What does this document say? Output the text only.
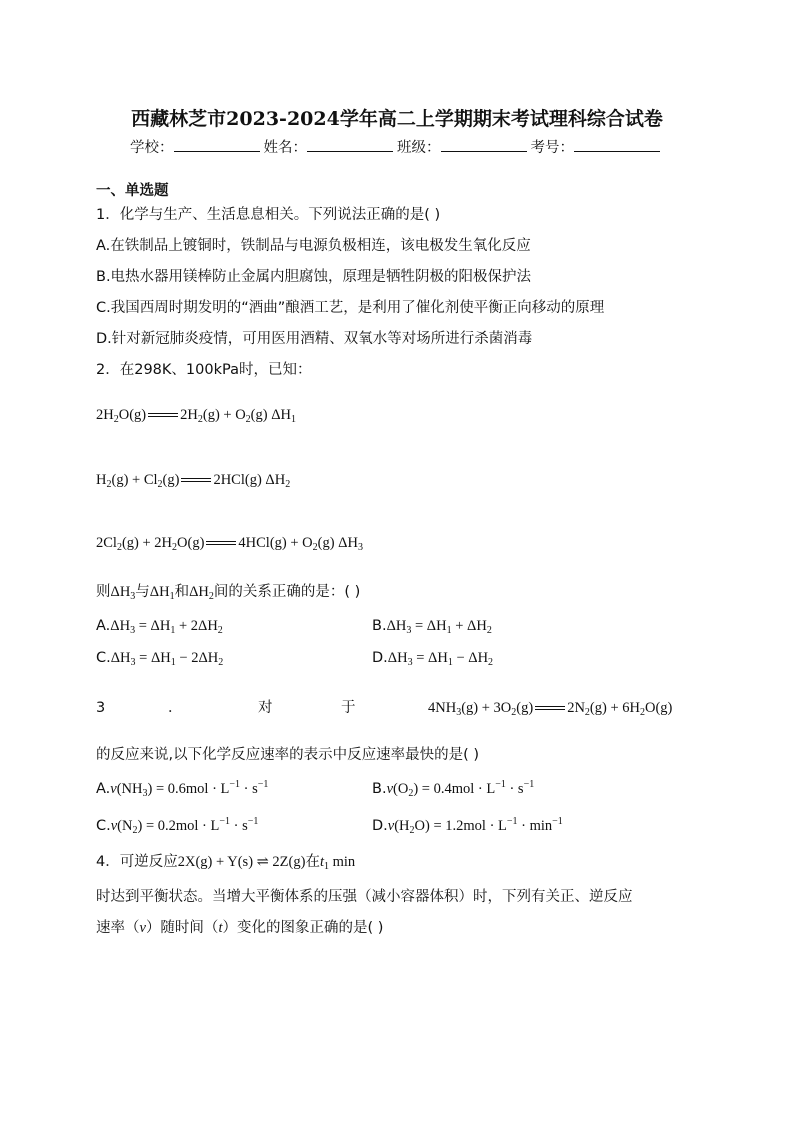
西藏林芝市2023-2024学年高二上学期期末考试理科综合试卷
学校：	姓名：	班级：	考号：
一、单选题
1．化学与生产、生活息息相关。下列说法正确的是( )
A.在铁制品上镀铜时，铁制品与电源负极相连，该电极发生氧化反应
B.电热水器用镁棒防止金属内胆腐蚀，原理是牺牲阴极的阳极保护法
C.我国西周时期发明的“酒曲”酿酒工艺，是利用了催化剂使平衡正向移动的原理
D.针对新冠肺炎疫情，可用医用酒精、双氧水等对场所进行杀菌消毒
2．在298K、100kPa时，已知：
$2H_2O(g) 2H_2(g) + O_2(g)$ $\Delta H_1$
$H_2(g) + Cl_2(g)$ 2HCl(g) $\Delta H_2$
$2Cl_2(g) + 2H_2O(g) 4HCl(g) + O_2(g)$ $\Delta H_3$
则$\Delta H_3$与$\Delta H_1$和$\Delta H_2$间的关系正确的是：( )
$A.\Delta H_3 = \Delta H_1 + 2\Delta H_2$	$B.\Delta H_3 = \Delta H_1 + \Delta H_2$
$C.\Delta H_3 = \Delta H_1 - 2\Delta H_2$	$D.\Delta H_3 = \Delta H_1 - \Delta H_2$
3	．	对	于	$4NH_3(g) + 3O_2(g) 2N_2(g) + 6H_2O(g)$
的反应来说,以下化学反应速率的表示中反应速率最快的是( )
$A.v(NH_3) = 0.6mol \cdot L^{-1} \cdot s^{-1}$	$B.v(O_2) = 0.4mol \cdot L^{-1} \cdot s^{-1}$
$C.v(N_2) = 0.2mol \cdot L^{-1} \cdot s^{-1}$	$D.v(H_2O) = 1.2mol \cdot L^{-1} \cdot \min^{-1}$
4．可逆反应2X(g) + Y(s) ⇌ 2Z(g)在$t_1$ min
时达到平衡状态。当增大平衡体系的压强（减小容器体积）时，下列有关正、逆反应
速率（v）随时间（t）变化的图象正确的是( )
